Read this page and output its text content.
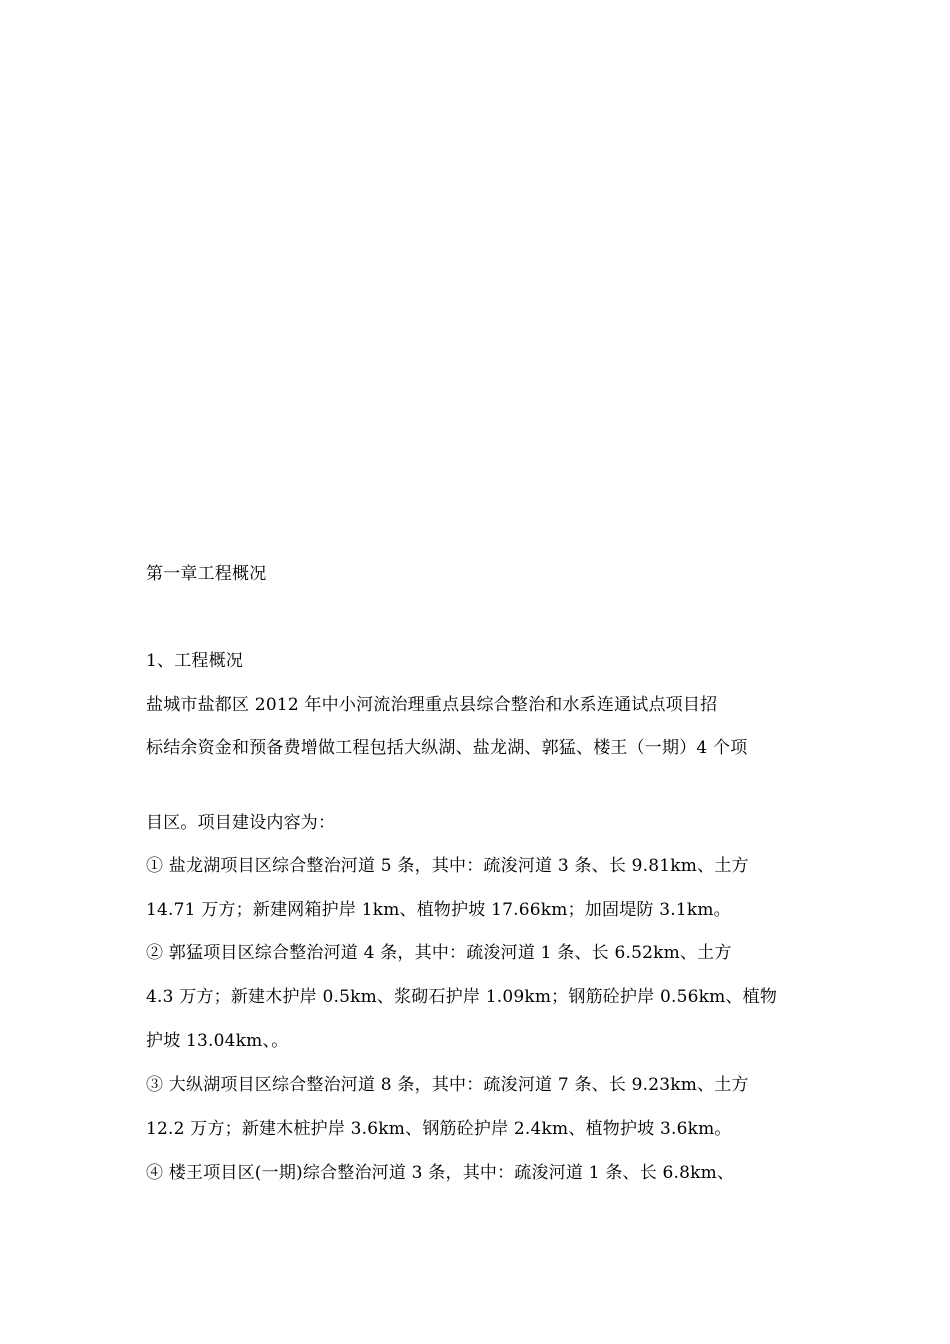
第一章工程概况
1、工程概况
盐城市盐都区 2012 年中小河流治理重点县综合整治和水系连通试点项目招
标结余资金和预备费增做工程包括大纵湖、盐龙湖、郭猛、楼王（一期）4 个项
目区。项目建设内容为：
① 盐龙湖项目区综合整治河道 5 条，其中：疏浚河道 3 条、长 9.81km、土方
14.71 万方；新建网箱护岸 1km、植物护坡 17.66km；加固堤防 3.1km。
② 郭猛项目区综合整治河道 4 条，其中：疏浚河道 1 条、长 6.52km、土方
4.3 万方；新建木护岸 0.5km、浆砌石护岸 1.09km；钢筋砼护岸 0.56km、植物
护坡 13.04km、。
③ 大纵湖项目区综合整治河道 8 条，其中：疏浚河道 7 条、长 9.23km、土方
12.2 万方；新建木桩护岸 3.6km、钢筋砼护岸 2.4km、植物护坡 3.6km。
④ 楼王项目区(一期)综合整治河道 3 条，其中：疏浚河道 1 条、长 6.8km、
